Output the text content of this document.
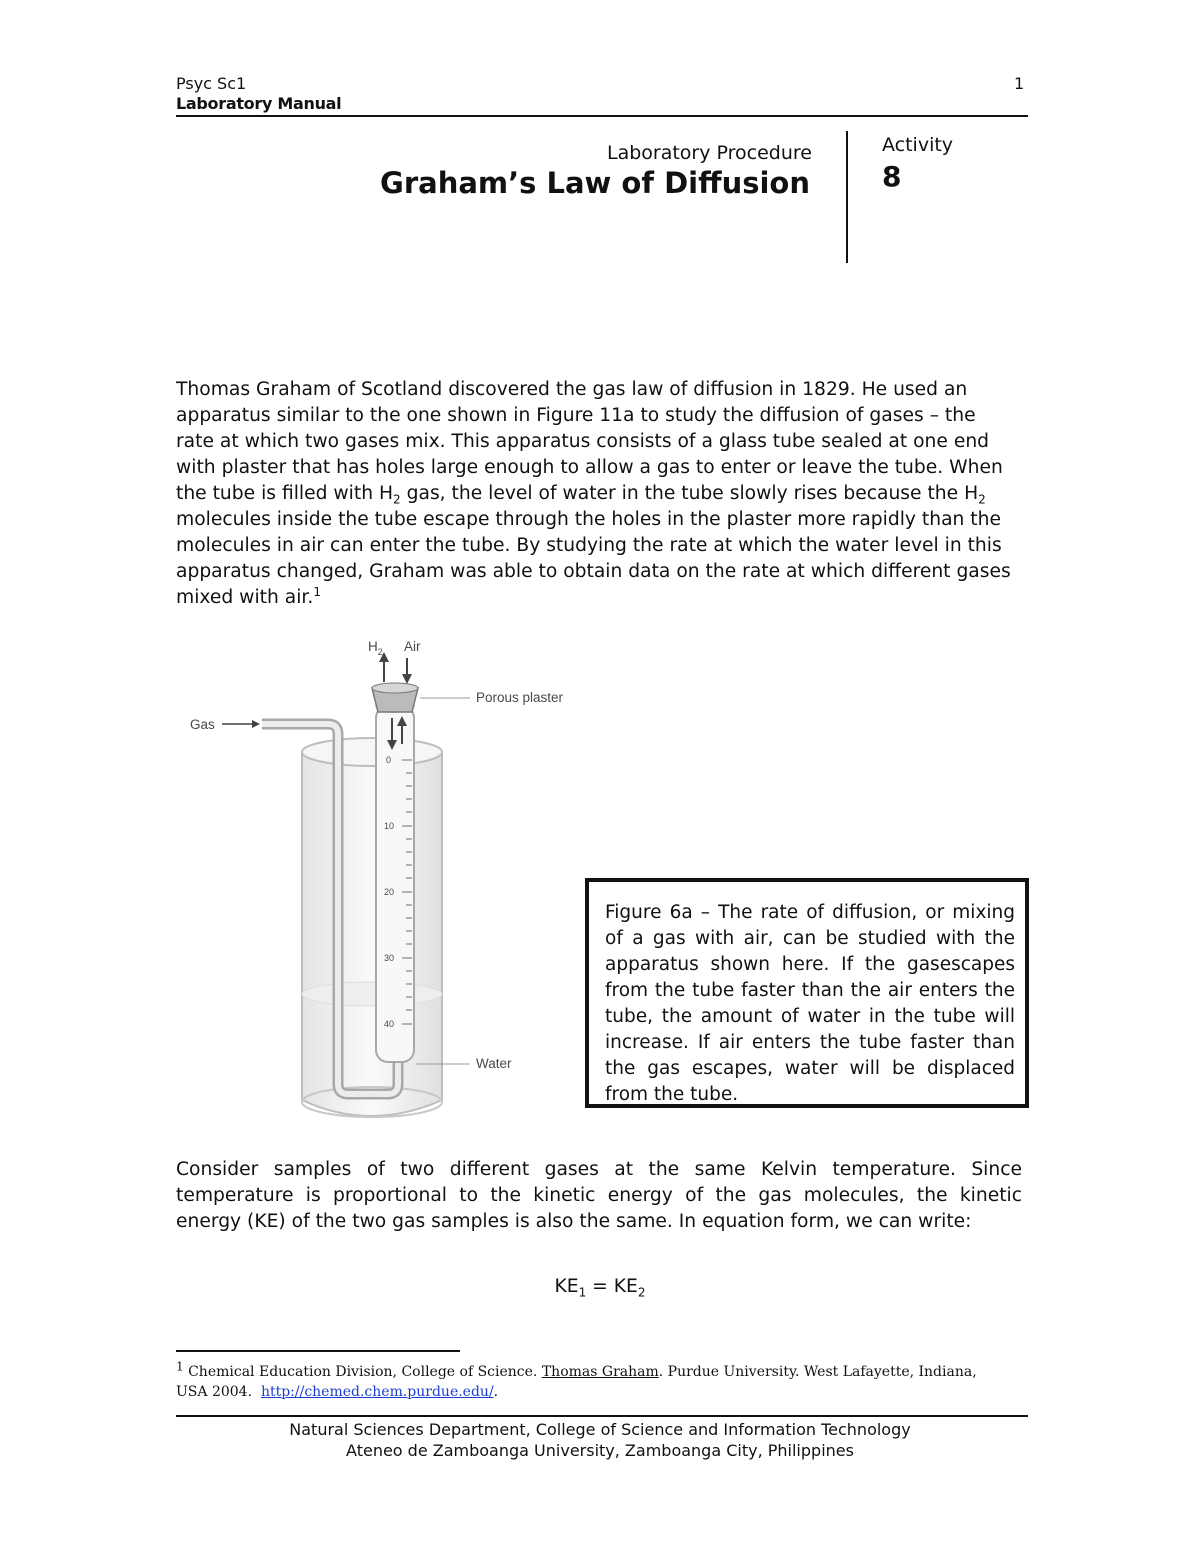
Psyc Sc1
Laboratory Manual
1
Laboratory Procedure
Graham’s Law of Diffusion
Activity
8
Thomas Graham of Scotland discovered the gas law of diffusion in 1829. He used an
apparatus similar to the one shown in Figure 11a to study the diffusion of gases – the
rate at which two gases mix. This apparatus consists of a glass tube sealed at one end
with plaster that has holes large enough to allow a gas to enter or leave the tube. When
the tube is filled with $H_2$ gas, the level of water in the tube slowly rises because the $H_2$
molecules inside the tube escape through the holes in the plaster more rapidly than the
molecules in air can enter the tube. By studying the rate at which the water level in this
apparatus changed, Graham was able to obtain data on the rate at which different gases
mixed with air.$^1$
0
10
20
30
40
$H_2$ Air
Porous plaster
Gas
Water
Figure 6a – The rate of diffusion, or mixing
of a gas with air, can be studied with the
apparatus shown here. If the gasescapes
from the tube faster than the air enters the
tube, the amount of water in the tube will
increase. If air enters the tube faster than
the gas escapes, water will be displaced
from the tube.
Consider samples of two different gases at the same Kelvin temperature. Since
temperature is proportional to the kinetic energy of the gas molecules, the kinetic
energy (KE) of the two gas samples is also the same. In equation form, we can write:
$KE_1 = KE_2$
$^1$ Chemical Education Division, College of Science. Thomas Graham. Purdue University. West Lafayette, Indiana,
USA 2004.  http://chemed.chem.purdue.edu/.
Natural Sciences Department, College of Science and Information Technology
Ateneo de Zamboanga University, Zamboanga City, Philippines
